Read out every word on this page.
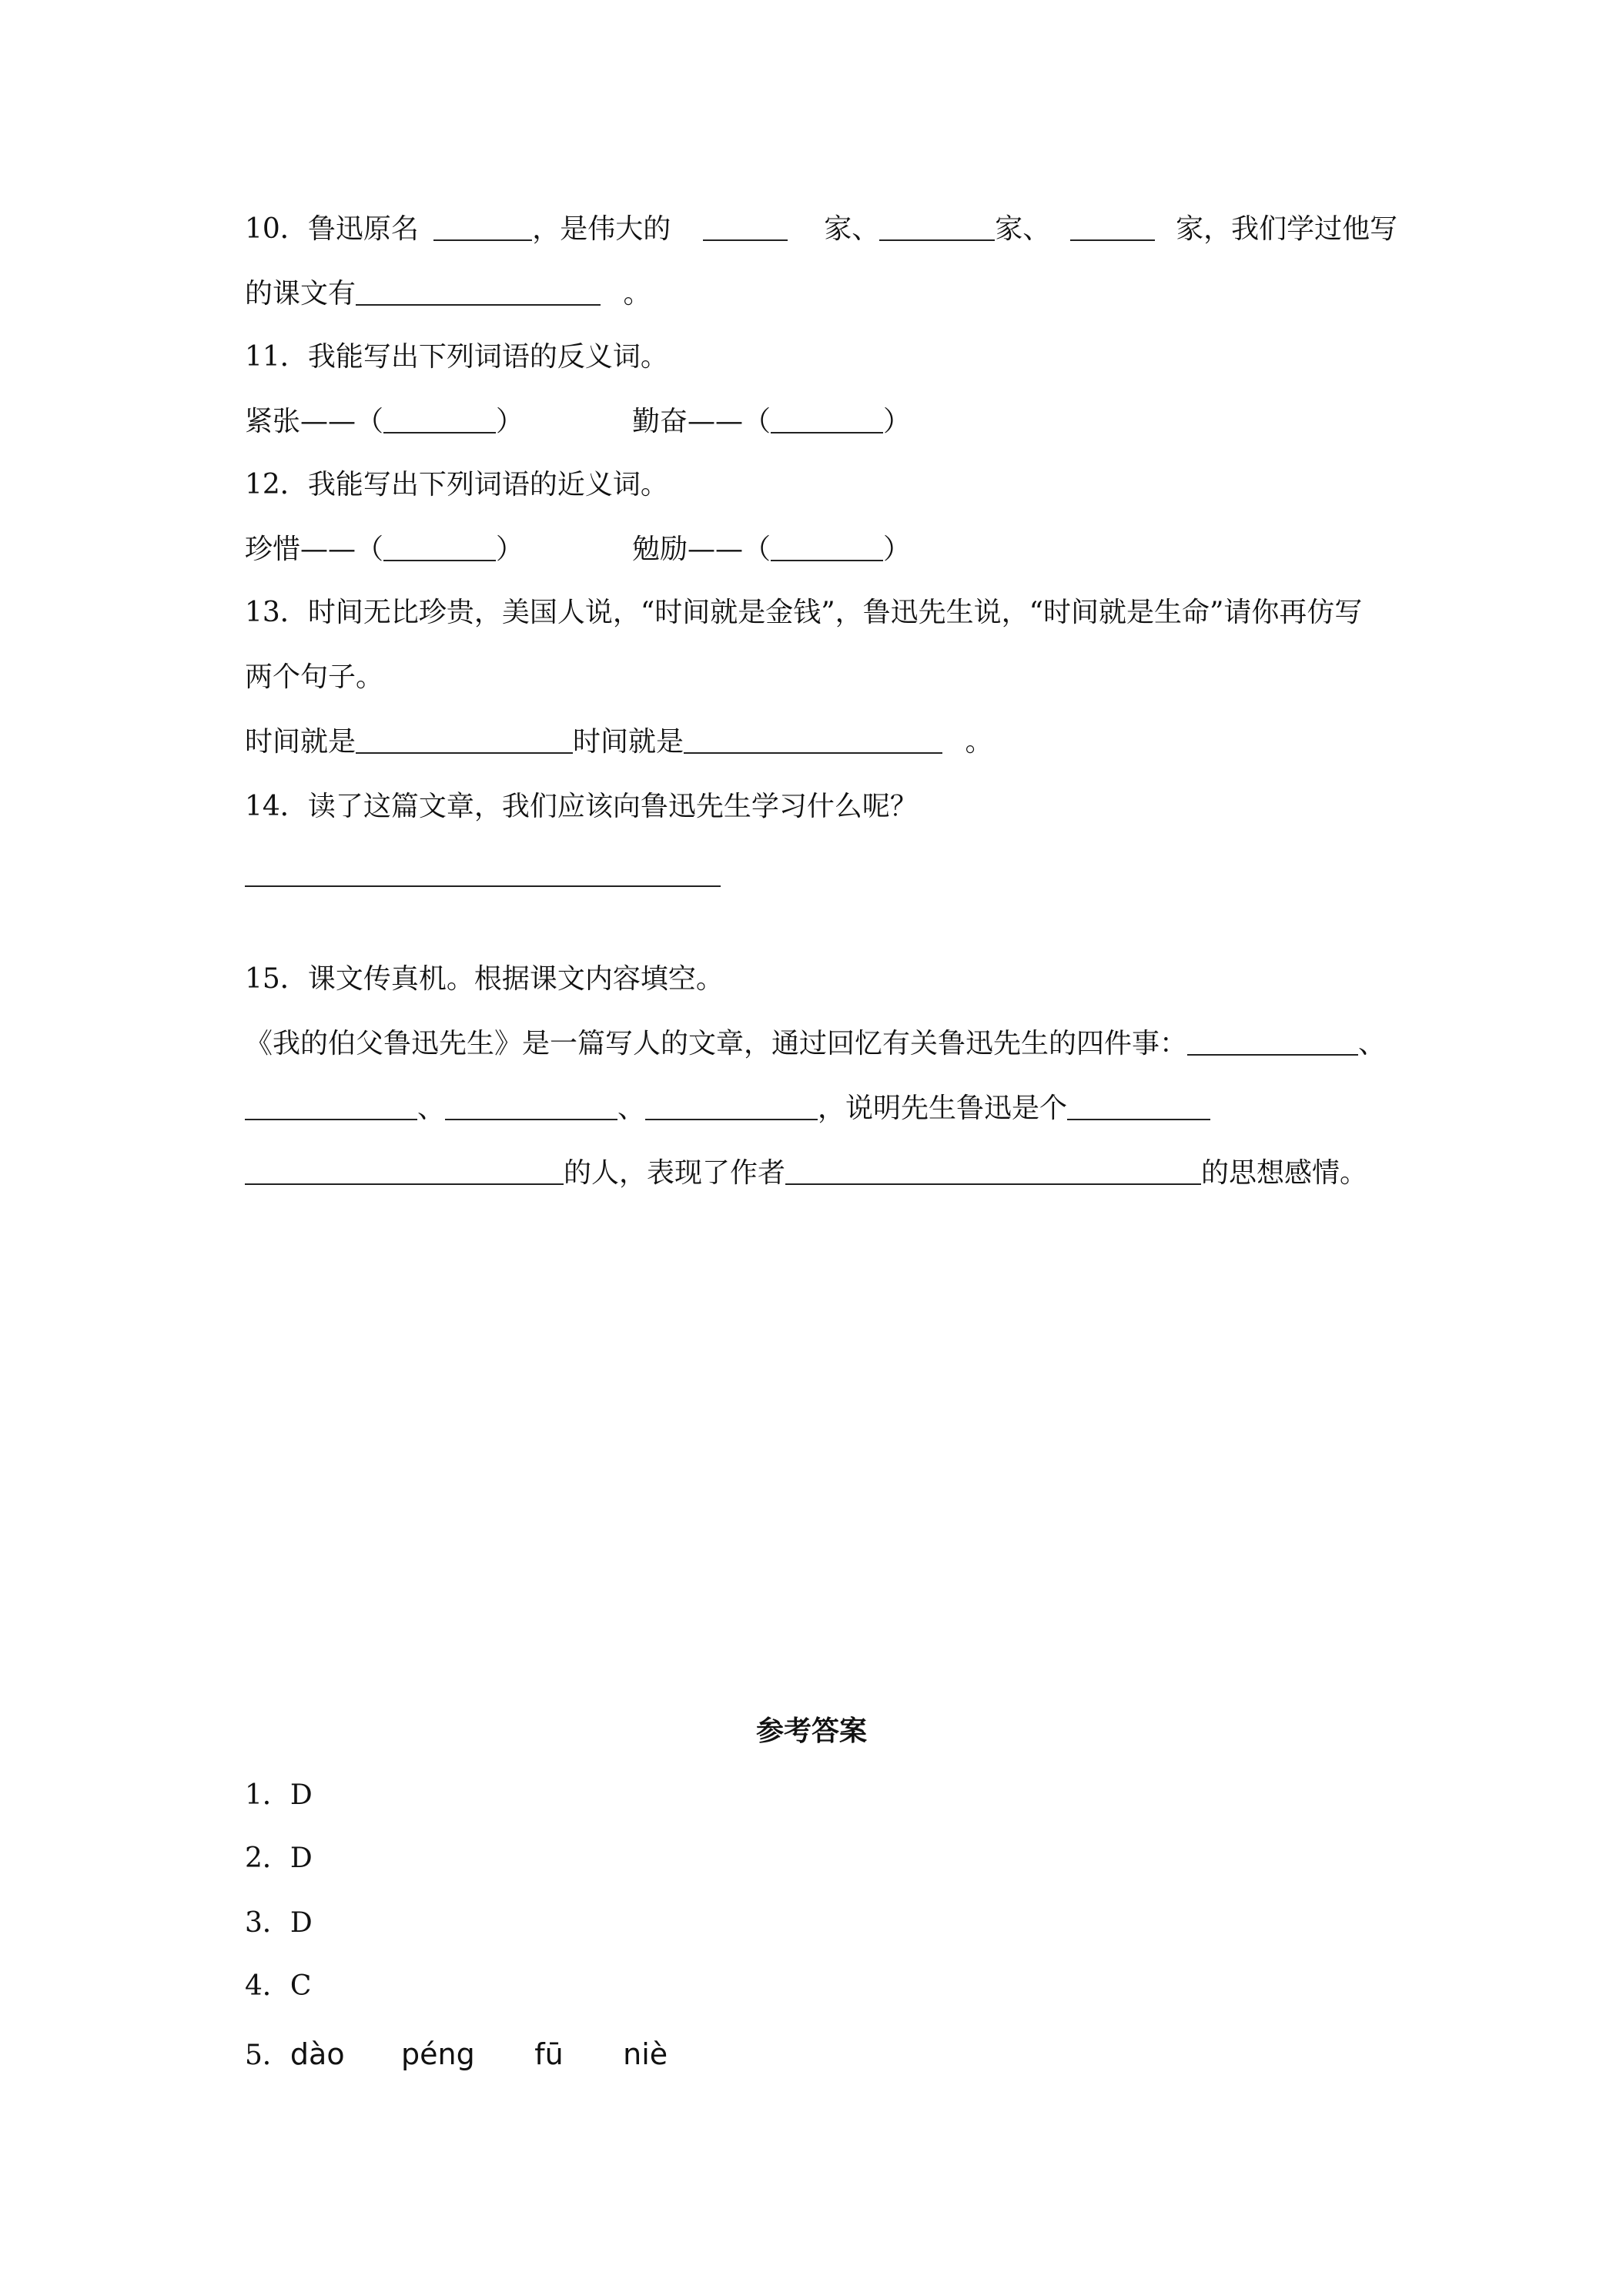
10．鲁迅原名	，是伟大的	家、	家、	家，我们学过他写
的课文有	。
11．我能写出下列词语的反义词。
紧张——（	）	勤奋——（	）
12．我能写出下列词语的近义词。
珍惜——（	）	勉励——（	）
13．时间无比珍贵，美国人说，“时间就是金钱”，鲁迅先生说，“时间就是生命”请你再仿写
两个句子。
时间就是	时间就是	。
14．读了这篇文章，我们应该向鲁迅先生学习什么呢？
15．课文传真机。根据课文内容填空。
《我的伯父鲁迅先生》是一篇写人的文章，通过回忆有关鲁迅先生的四件事：	、
、	、	，说明先生鲁迅是个
的人，表现了作者	的思想感情。
参考答案
1．D
2．D
3．D
4．C
5．dào péng fū niè
